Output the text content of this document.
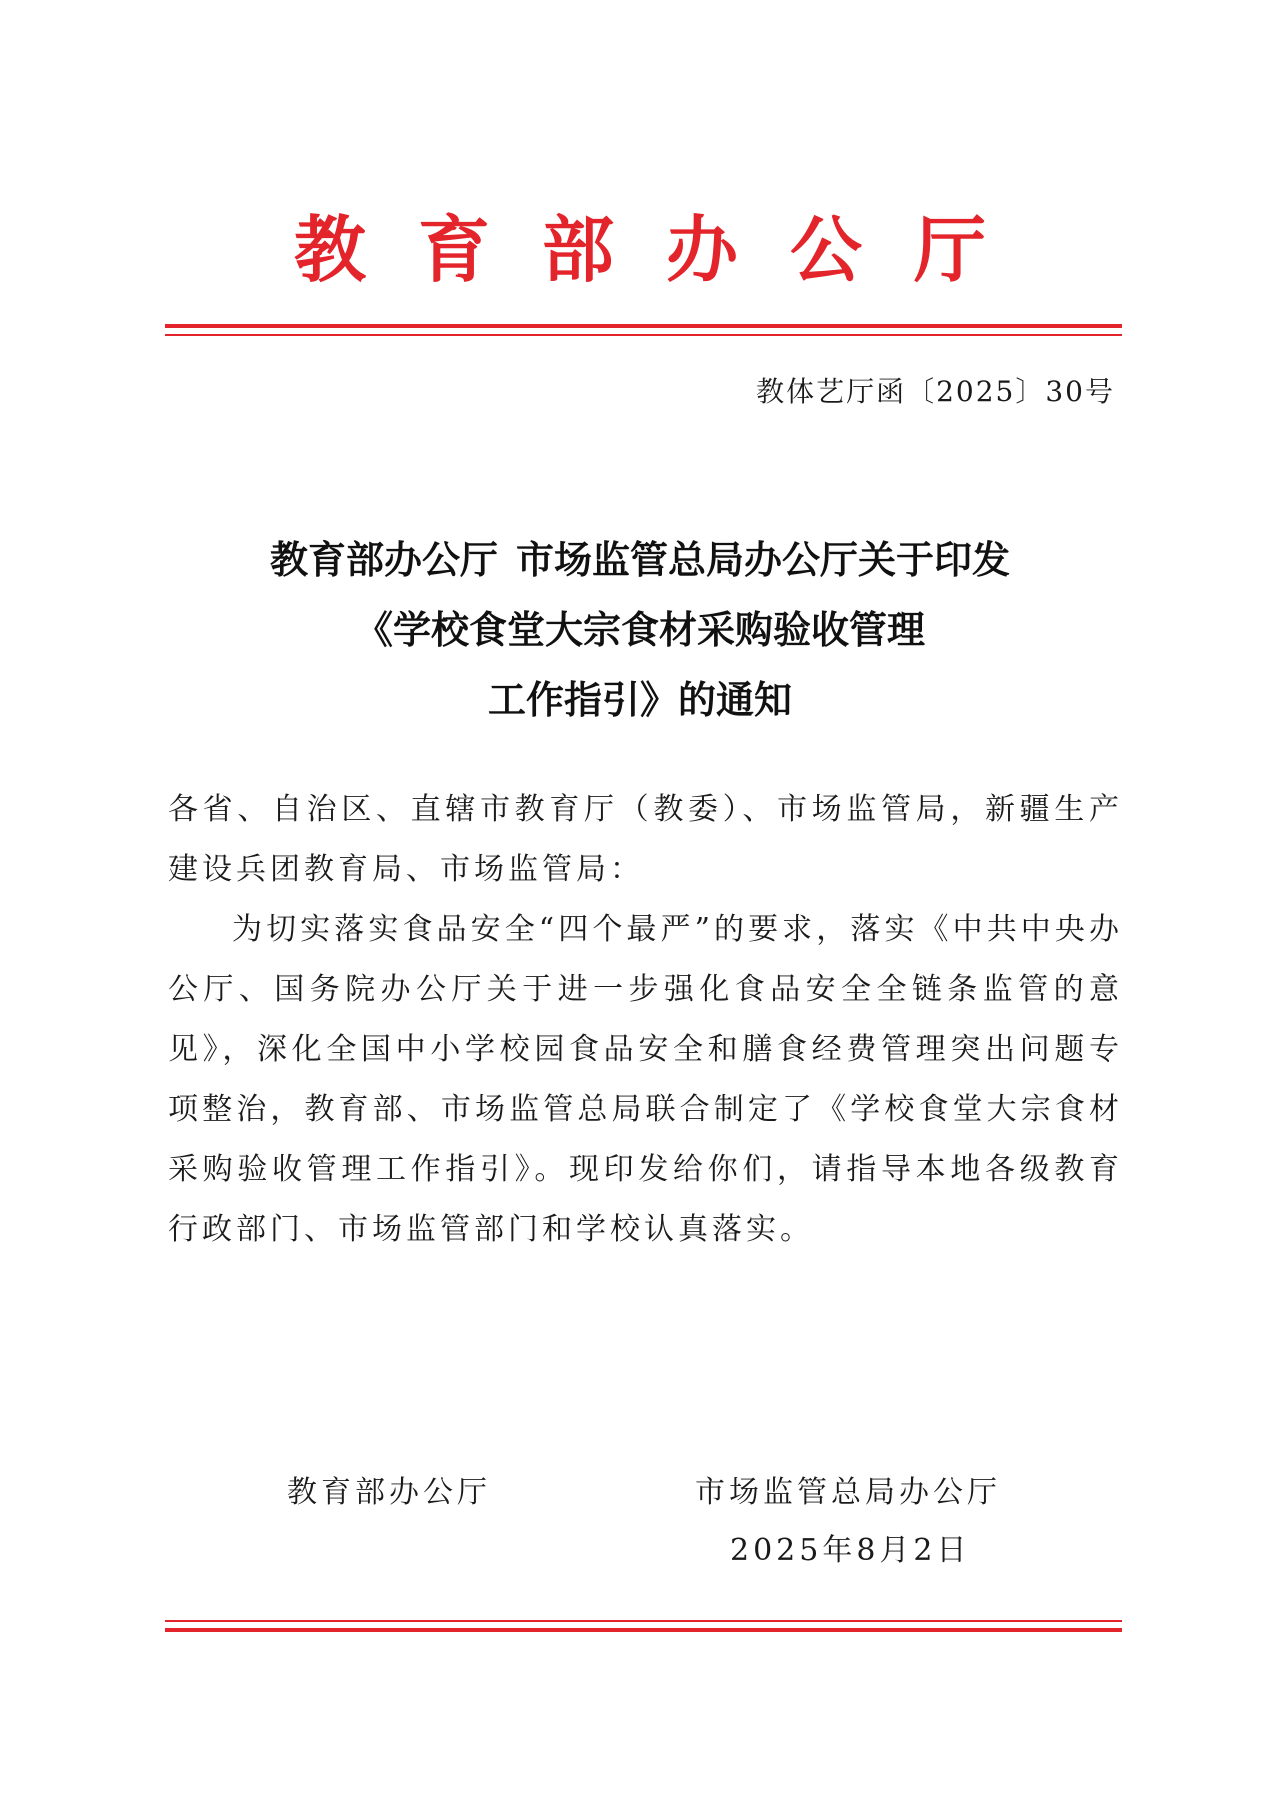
教育部办公厅
教体艺厅函〔2025〕30号
教育部办公厅 市场监管总局办公厅关于印发
《学校食堂大宗食材采购验收管理
工作指引》的通知

各省、自治区、直辖市教育厅（教委）、市场监管局，新疆生产建设兵团教育局、市场监管局：

为切实落实食品安全“四个最严”的要求，落实《中共中央办公厅、国务院办公厅关于进一步强化食品安全全链条监管的意见》，深化全国中小学校园食品安全和膳食经费管理突出问题专项整治，教育部、市场监管总局联合制定了《学校食堂大宗食材采购验收管理工作指引》。现印发给你们，请指导本地各级教育行政部门、市场监管部门和学校认真落实。

教育部办公厅	市场监管总局办公厅
2025年8月2日
